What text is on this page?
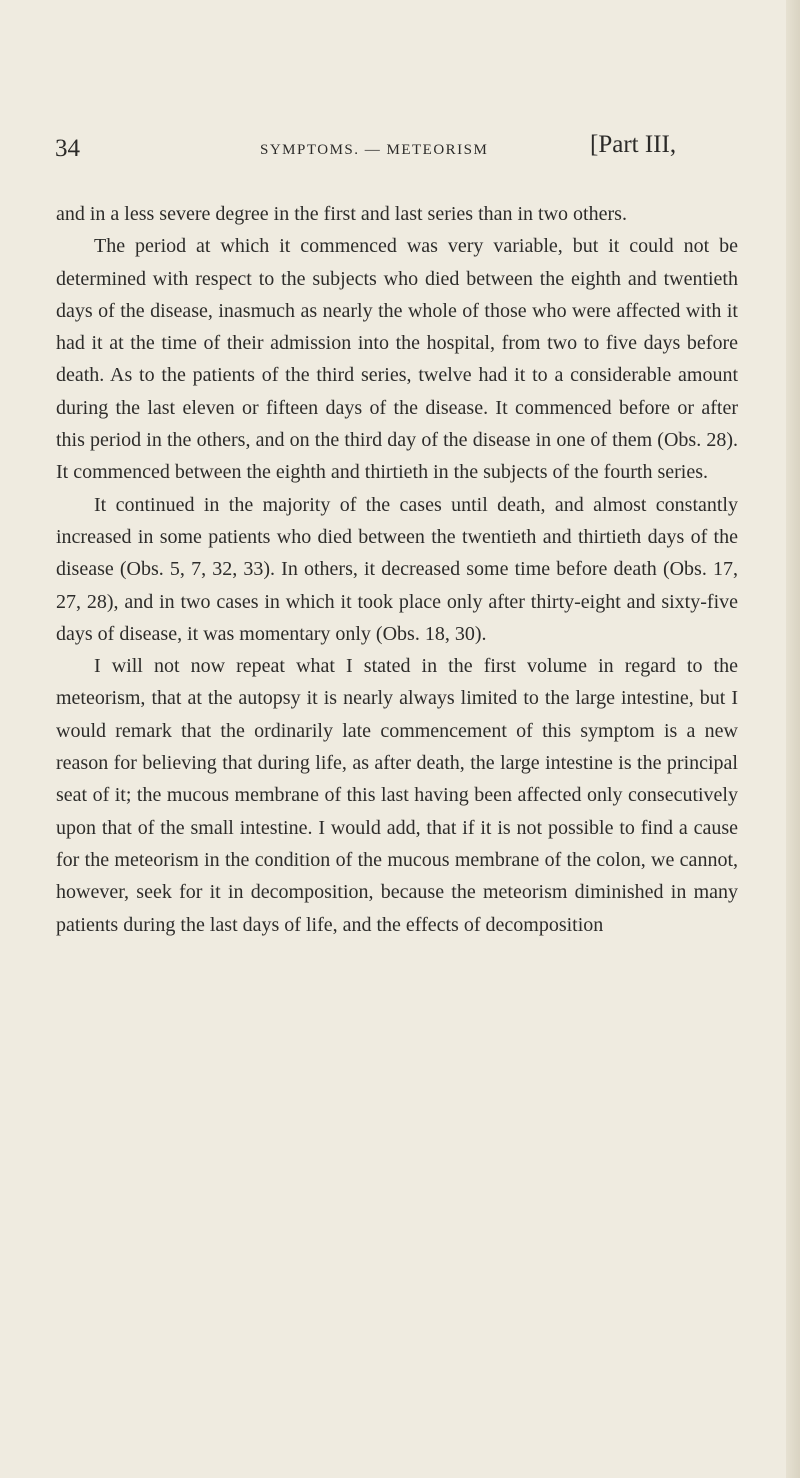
34	SYMPTOMS. — METEORISM	[Part III,

and in a less severe degree in the first and last series than in two others.

The period at which it commenced was very variable, but it could not be determined with respect to the subjects who died between the eighth and twentieth days of the disease, inasmuch as nearly the whole of those who were affected with it had it at the time of their admission into the hospital, from two to five days before death. As to the patients of the third series, twelve had it to a considerable amount during the last eleven or fifteen days of the disease. It commenced before or after this period in the others, and on the third day of the disease in one of them (Obs. 28). It commenced between the eighth and thirtieth in the subjects of the fourth series.

It continued in the majority of the cases until death, and almost constantly increased in some patients who died between the twentieth and thirtieth days of the disease (Obs. 5, 7, 32, 33). In others, it decreased some time before death (Obs. 17, 27, 28), and in two cases in which it took place only after thirty-eight and sixty-five days of disease, it was momentary only (Obs. 18, 30).

I will not now repeat what I stated in the first volume in regard to the meteorism, that at the autopsy it is nearly always limited to the large intestine, but I would remark that the ordinarily late commencement of this symptom is a new reason for believing that during life, as after death, the large intestine is the principal seat of it; the mucous membrane of this last having been affected only consecutively upon that of the small intestine. I would add, that if it is not possible to find a cause for the meteorism in the condition of the mucous membrane of the colon, we cannot, however, seek for it in decomposition, because the meteorism diminished in many patients during the last days of life, and the effects of decomposition
